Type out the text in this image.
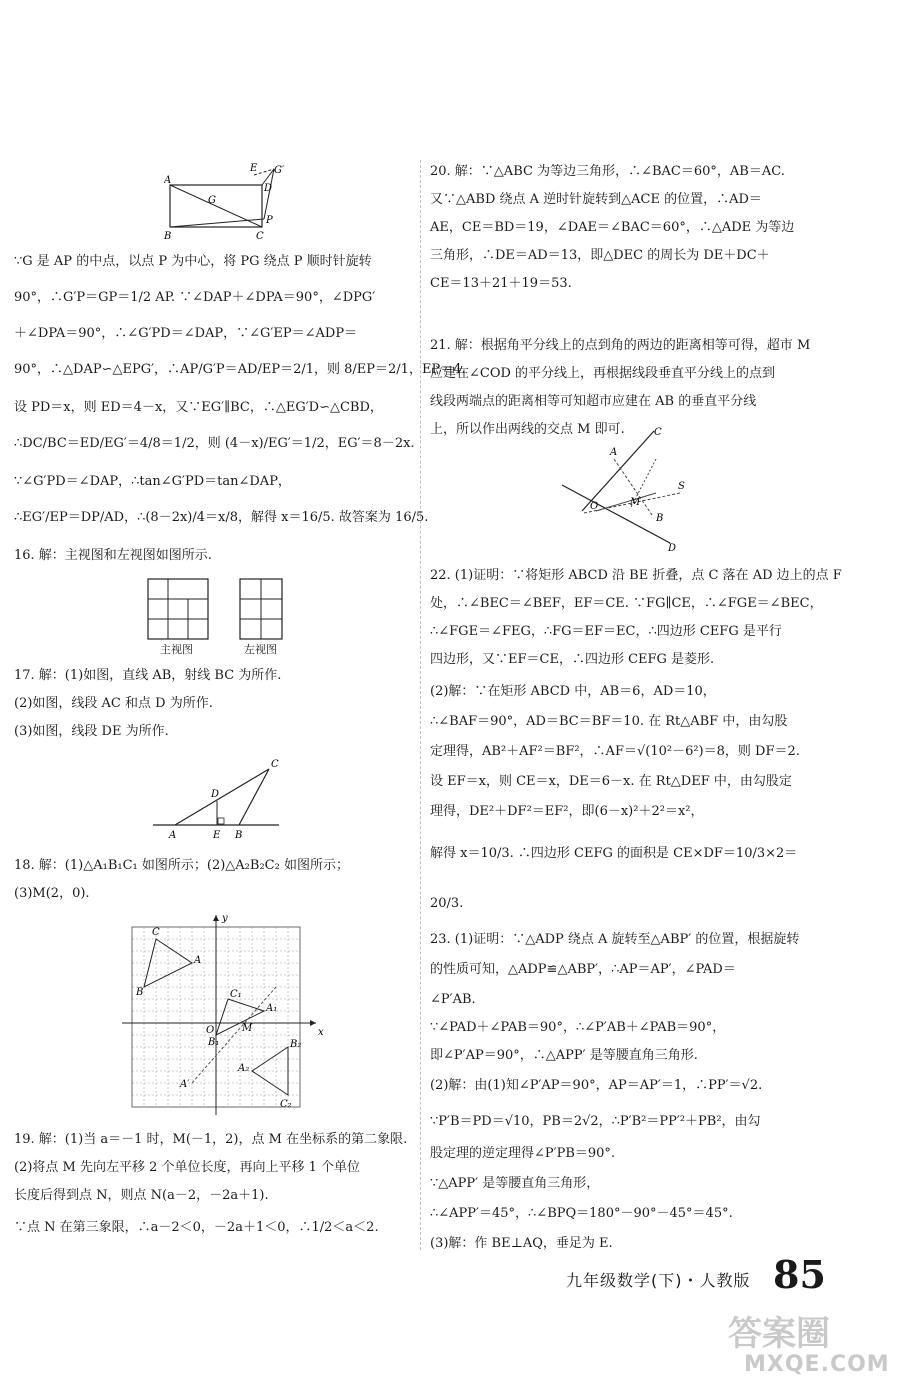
A
E G′
D
G
P
B	C
∵G 是 AP 的中点，以点 P 为中心，将 PG 绕点 P 顺时针旋转
90°，∴G′P＝GP＝1/2 AP. ∵∠DAP＋∠DPA＝90°，∠DPG′
＋∠DPA＝90°，∴∠G′PD＝∠DAP，∵∠G′EP＝∠ADP＝
90°，∴△DAP∽△EPG′，∴AP/G′P＝AD/EP＝2/1，则 8/EP＝2/1，EP＝4.
设 PD＝x，则 ED＝4－x，又∵EG′∥BC，∴△EG′D∽△CBD，
∴DC/BC＝ED/EG′＝4/8＝1/2，则 (4－x)/EG′＝1/2，EG′＝8－2x.
∵∠G′PD＝∠DAP，∴tan∠G′PD＝tan∠DAP，
∴EG′/EP＝DP/AD，∴(8－2x)/4＝x/8，解得 x＝16/5. 故答案为 16/5.
16. 解：主视图和左视图如图所示.
主视图	左视图
17. 解：(1)如图，直线 AB，射线 BC 为所作.
(2)如图，线段 AC 和点 D 为所作.
(3)如图，线段 DE 为所作.
C
D
A	E B
18. 解：(1)△A₁B₁C₁ 如图所示；(2)△A₂B₂C₂ 如图所示；
(3)M(2，0).
y
x
O
C
A
B	C₁
A₁
M
B₁	B₂
A₂
C₂
A′
19. 解：(1)当 a＝－1 时，M(－1，2)，点 M 在坐标系的第二象限.
(2)将点 M 先向左平移 2 个单位长度，再向上平移 1 个单位
长度后得到点 N，则点 N(a－2，－2a＋1).
∵点 N 在第三象限，∴a－2＜0，－2a＋1＜0，∴1/2＜a＜2.
20. 解：∵△ABC 为等边三角形，∴∠BAC＝60°，AB＝AC.
又∵△ABD 绕点 A 逆时针旋转到△ACE 的位置，∴AD＝
AE，CE＝BD＝19，∠DAE＝∠BAC＝60°，∴△ADE 为等边
三角形，∴DE＝AD＝13，即△DEC 的周长为 DE＋DC＋
CE＝13＋21＋19＝53.
21. 解：根据角平分线上的点到角的两边的距离相等可得，超市 M
应建在∠COD 的平分线上，再根据线段垂直平分线上的点到
线段两端点的距离相等可知超市应建在 AB 的垂直平分线
上，所以作出两线的交点 M 即可.	C
A
S
M
O
B
D
22. (1)证明：∵将矩形 ABCD 沿 BE 折叠，点 C 落在 AD 边上的点 F
处，∴∠BEC＝∠BEF，EF＝CE. ∵FG∥CE，∴∠FGE＝∠BEC，
∴∠FGE＝∠FEG，∴FG＝EF＝EC，∴四边形 CEFG 是平行
四边形，又∵EF＝CE，∴四边形 CEFG 是菱形.
(2)解：∵在矩形 ABCD 中，AB＝6，AD＝10，
∴∠BAF＝90°，AD＝BC＝BF＝10. 在 Rt△ABF 中，由勾股
定理得，AB²＋AF²＝BF²，∴AF＝√(10²－6²)＝8，则 DF＝2.
设 EF＝x，则 CE＝x，DE＝6－x. 在 Rt△DEF 中，由勾股定
理得，DE²＋DF²＝EF²，即(6－x)²＋2²＝x²，
解得 x＝10/3. ∴四边形 CEFG 的面积是 CE×DF＝10/3×2＝
20/3.
23. (1)证明：∵△ADP 绕点 A 旋转至△ABP′ 的位置，根据旋转
的性质可知，△ADP≌△ABP′，∴AP＝AP′，∠PAD＝
∠P′AB.
∵∠PAD＋∠PAB＝90°，∴∠P′AB＋∠PAB＝90°，
即∠P′AP＝90°，∴△APP′ 是等腰直角三角形.
(2)解：由(1)知∠P′AP＝90°，AP＝AP′＝1，∴PP′＝√2.
∵P′B＝PD＝√10，PB＝2√2，∴P′B²＝PP′²＋PB²，由勾
股定理的逆定理得∠P′PB＝90°.
∵△APP′ 是等腰直角三角形，
∴∠APP′＝45°，∴∠BPQ＝180°－90°－45°＝45°.
(3)解：作 BE⊥AQ，垂足为 E.
九年级数学(下)・人教版 85
答案圈
MXQE.COM
